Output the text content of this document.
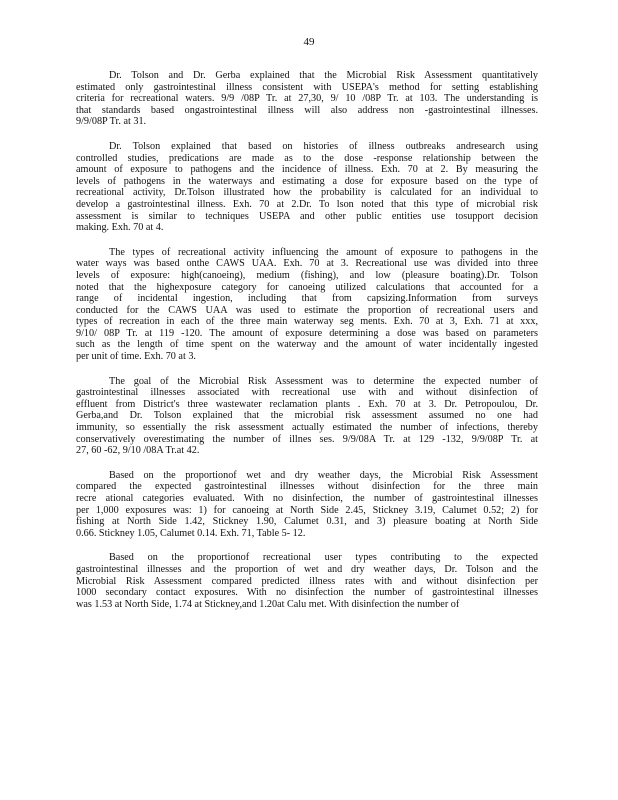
49
Dr. Tolson and Dr. Gerba explained that the Microbial Risk Assessment quantitatively
estimated only gastrointestinal illness consistent with USEPA's method for setting establishing
criteria for recreational waters. 9/9 /08P Tr. at 27,30, 9/ 10 /08P Tr. at 103. The understanding is
that standards based ongastrointestinal illness will also address non -gastrointestinal illnesses.
9/9/08P Tr. at 31.
Dr. Tolson explained that based on histories of illness outbreaks andresearch using
controlled studies, predications are made as to the dose -response relationship between the
amount of exposure to pathogens and the incidence of illness. Exh. 70 at 2. By measuring the
levels of pathogens in the waterways and estimating a dose for exposure based on the type of
recreational activity, Dr.Tolson illustrated how the probability is calculated for an individual to
develop a gastrointestinal illness. Exh. 70 at 2.Dr. To lson noted that this type of microbial risk
assessment is similar to techniques USEPA and other public entities use tosupport decision
making. Exh. 70 at 4.
The types of recreational activity influencing the amount of exposure to pathogens in the
water ways was based onthe CAWS UAA. Exh. 70 at 3. Recreational use was divided into three
levels of exposure: high(canoeing), medium (fishing), and low (pleasure boating).Dr. Tolson
noted that the highexposure category for canoeing utilized calculations that accounted for a
range of incidental ingestion, including that from capsizing.Information from surveys
conducted for the CAWS UAA was used to estimate the proportion of recreational users and
types of recreation in each of the three main waterway seg ments. Exh. 70 at 3, Exh. 71 at xxx,
9/10/ 08P Tr. at 119 -120. The amount of exposure determining a dose was based on parameters
such as the length of time spent on the waterway and the amount of water incidentally ingested
per unit of time. Exh. 70 at 3.
The goal of the Microbial Risk Assessment was to determine the expected number of
gastrointestinal illnesses associated with recreational use with and without disinfection of
effluent from District's three wastewater reclamation plants . Exh. 70 at 3. Dr. Petropoulou, Dr.
Gerba,and Dr. Tolson explained that the microbial risk assessment assumed no one had
immunity, so essentially the risk assessment actually estimated the number of infections, thereby
conservatively overestimating the number of illnes ses. 9/9/08A Tr. at 129 -132, 9/9/08P Tr. at
27, 60 -62, 9/10 /08A Tr.at 42.
Based on the proportionof wet and dry weather days, the Microbial Risk Assessment
compared the expected gastrointestinal illnesses without disinfection for the three main
recre ational categories evaluated. With no disinfection, the number of gastrointestinal illnesses
per 1,000 exposures was: 1) for canoeing at North Side 2.45, Stickney 3.19, Calumet 0.52; 2) for
fishing at North Side 1.42, Stickney 1.90, Calumet 0.31, and 3) pleasure boating at North Side
0.66. Stickney 1.05, Calumet 0.14. Exh. 71, Table 5- 12.
Based on the proportionof recreational user types contributing to the expected
gastrointestinal illnesses and the proportion of wet and dry weather days, Dr. Tolson and the
Microbial Risk Assessment compared predicted illness rates with and without disinfection per
1000 secondary contact exposures. With no disinfection the number of gastrointestinal illnesses
was 1.53 at North Side, 1.74 at Stickney,and 1.20at Calu met. With disinfection the number of
